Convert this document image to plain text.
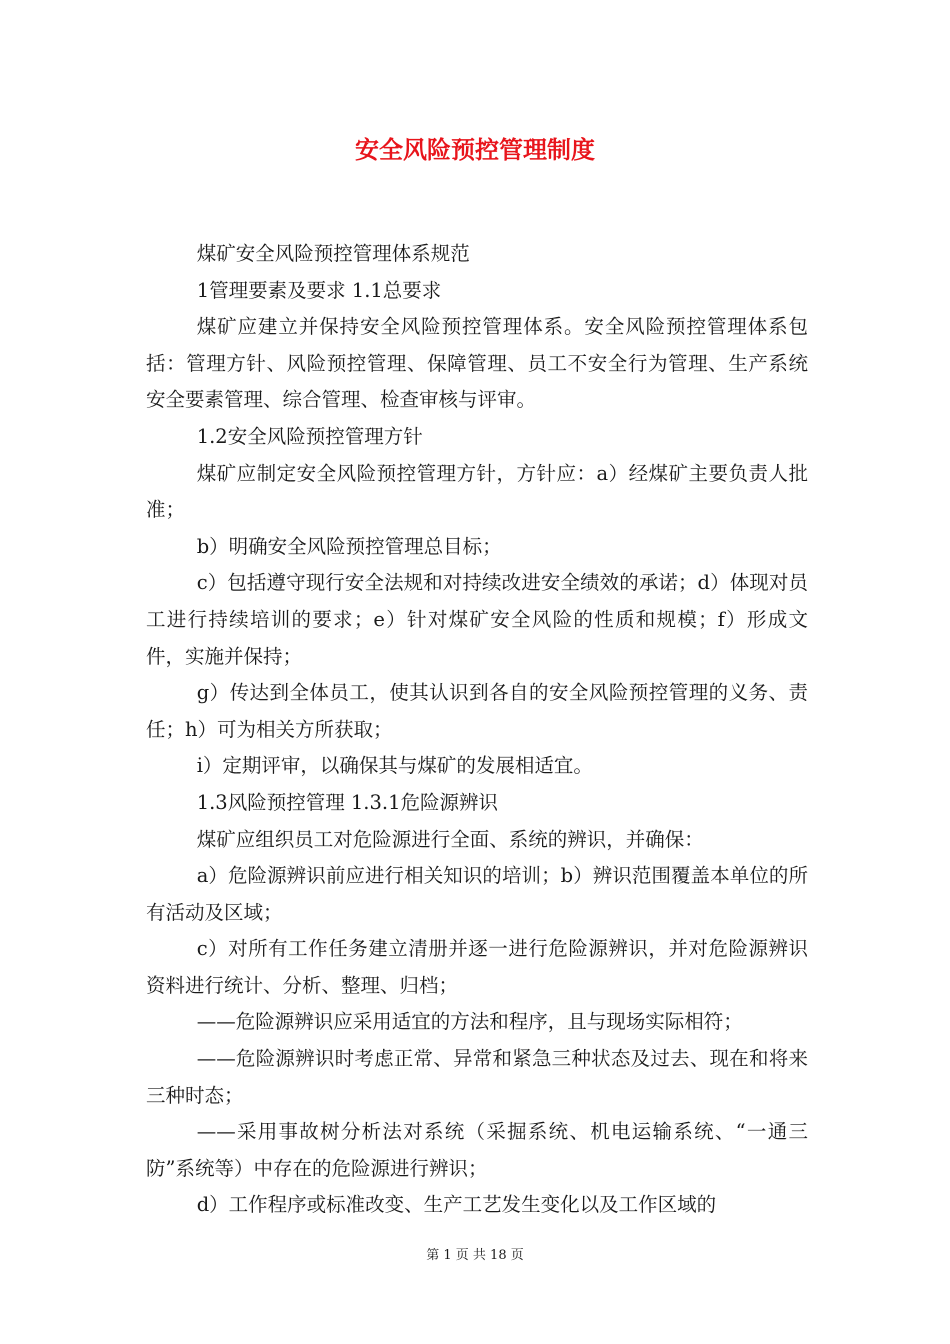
安全风险预控管理制度

煤矿安全风险预控管理体系规范

1管理要素及要求 1.1总要求

煤矿应建立并保持安全风险预控管理体系。安全风险预控管理体系包括：管理方针、风险预控管理、保障管理、员工不安全行为管理、生产系统安全要素管理、综合管理、检查审核与评审。

1.2安全风险预控管理方针

煤矿应制定安全风险预控管理方针，方针应：a）经煤矿主要负责人批准；

b）明确安全风险预控管理总目标；

c）包括遵守现行安全法规和对持续改进安全绩效的承诺；d）体现对员工进行持续培训的要求；e）针对煤矿安全风险的性质和规模；f）形成文件，实施并保持；

g）传达到全体员工，使其认识到各自的安全风险预控管理的义务、责任；h）可为相关方所获取；

i）定期评审，以确保其与煤矿的发展相适宜。

1.3风险预控管理 1.3.1危险源辨识

煤矿应组织员工对危险源进行全面、系统的辨识，并确保：

a）危险源辨识前应进行相关知识的培训；b）辨识范围覆盖本单位的所有活动及区域；

c）对所有工作任务建立清册并逐一进行危险源辨识，并对危险源辨识资料进行统计、分析、整理、归档；

——危险源辨识应采用适宜的方法和程序，且与现场实际相符；

——危险源辨识时考虑正常、异常和紧急三种状态及过去、现在和将来三种时态；

——采用事故树分析法对系统（采掘系统、机电运输系统、“一通三防”系统等）中存在的危险源进行辨识；

d）工作程序或标准改变、生产工艺发生变化以及工作区域的

第 1 页 共 18 页
